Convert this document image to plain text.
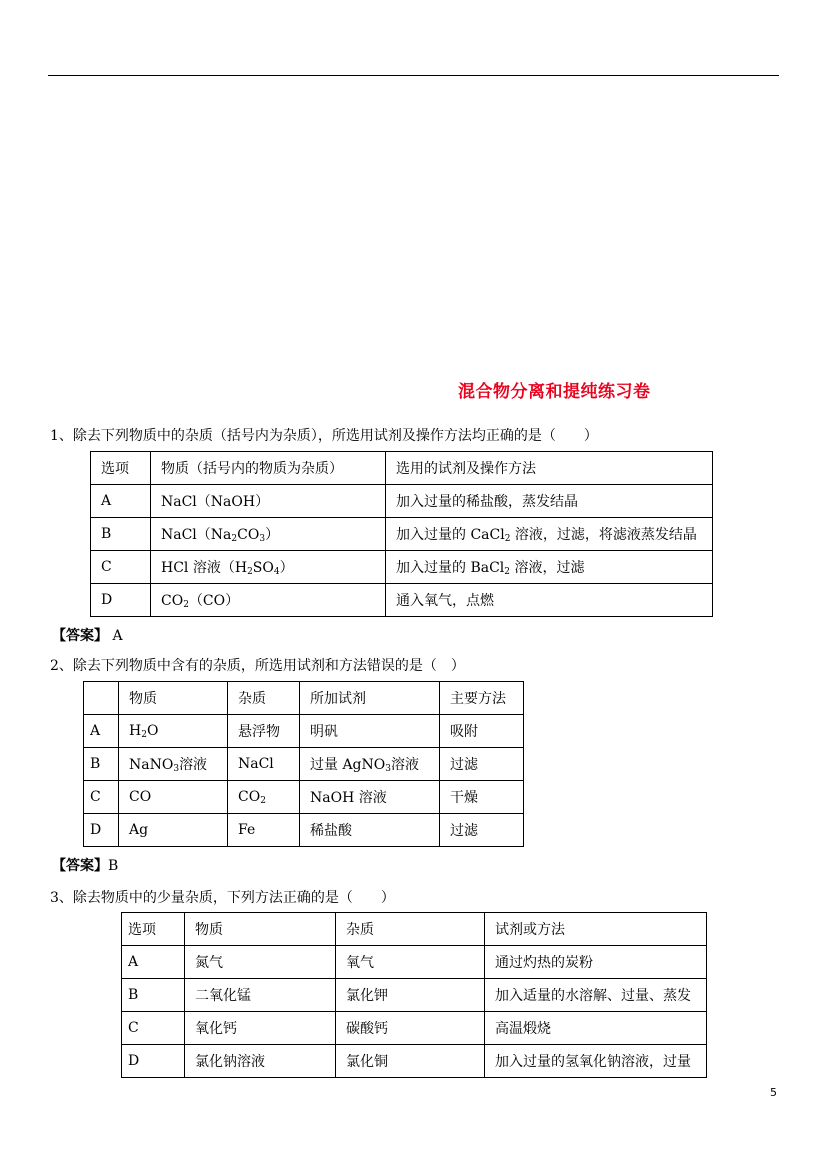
混合物分离和提纯练习卷
1、除去下列物质中的杂质（括号内为杂质），所选用试剂及操作方法均正确的是（　　）
选项	物质（括号内的物质为杂质）	选用的试剂及操作方法
A	NaCl（NaOH）	加入过量的稀盐酸，蒸发结晶
B	$NaCl(Na_2CO_3)$	加入过量的 CaCl$_2$ 溶液，过滤，将滤液蒸发结晶
C	HCl 溶液$(H_2SO_4)$	加入过量的 BaCl$_2$ 溶液，过滤
D	$CO_2(CO)$	通入氧气，点燃
【答案】 A
2、除去下列物质中含有的杂质，所选用试剂和方法错误的是（　）
	物质	杂质	所加试剂	主要方法
A	$H_2O$	悬浮物	明矾	吸附
B	NaNO$_3$溶液	NaCl	过量 AgNO$_3$溶液	过滤
C	CO	$CO_2$	NaOH 溶液	干燥
D	Ag	Fe	稀盐酸	过滤
【答案】B
3、除去物质中的少量杂质，下列方法正确的是（　　）
选项	物质	杂质	试剂或方法
A	氮气	氧气	通过灼热的炭粉
B	二氧化锰	氯化钾	加入适量的水溶解、过量、蒸发
C	氧化钙	碳酸钙	高温煅烧
D	氯化钠溶液	氯化铜	加入过量的氢氧化钠溶液，过量
5
